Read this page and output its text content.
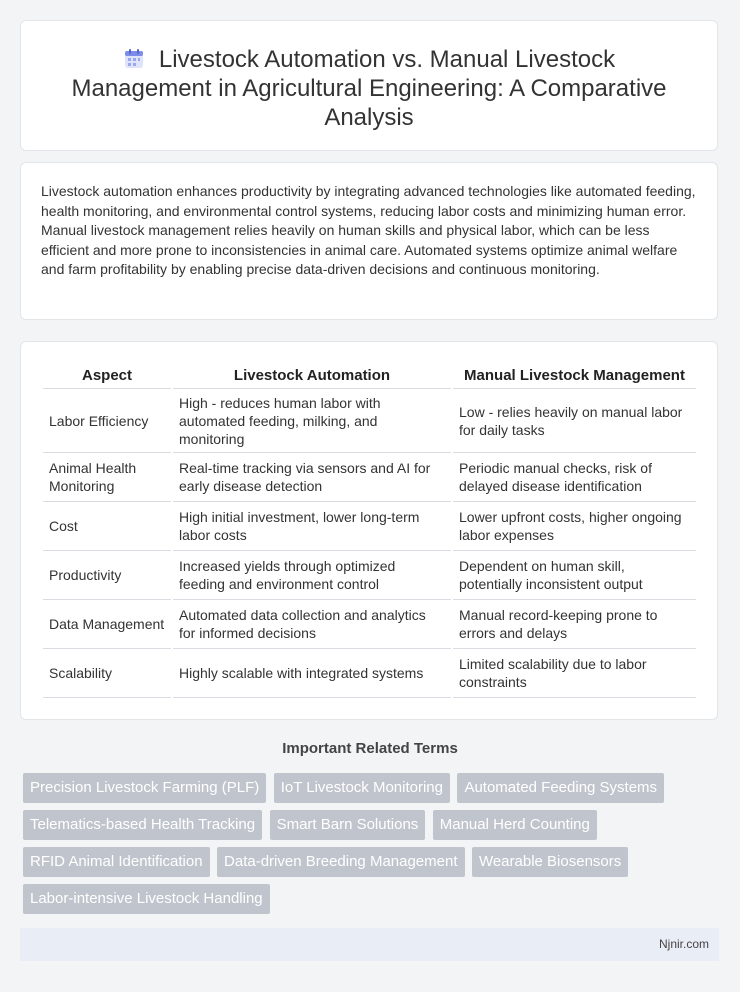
Livestock Automation vs. Manual Livestock Management in Agricultural Engineering: A Comparative Analysis

Livestock automation enhances productivity by integrating advanced technologies like automated feeding, health monitoring, and environmental control systems, reducing labor costs and minimizing human error. Manual livestock management relies heavily on human skills and physical labor, which can be less efficient and more prone to inconsistencies in animal care. Automated systems optimize animal welfare and farm profitability by enabling precise data-driven decisions and continuous monitoring.

Aspect	Livestock Automation	Manual Livestock Management
Labor Efficiency	High - reduces human labor with automated feeding, milking, and monitoring	Low - relies heavily on manual labor for daily tasks
Animal Health Monitoring	Real-time tracking via sensors and AI for early disease detection	Periodic manual checks, risk of delayed disease identification
Cost	High initial investment, lower long-term labor costs	Lower upfront costs, higher ongoing labor expenses
Productivity	Increased yields through optimized feeding and environment control	Dependent on human skill, potentially inconsistent output
Data Management	Automated data collection and analytics for informed decisions	Manual record-keeping prone to errors and delays
Scalability	Highly scalable with integrated systems	Limited scalability due to labor constraints
Important Related Terms
Precision Livestock Farming (PLF) IoT Livestock Monitoring Automated Feeding Systems Telematics-based Health Tracking Smart Barn Solutions Manual Herd Counting RFID Animal Identification Data-driven Breeding Management Wearable Biosensors Labor-intensive Livestock Handling
Njnir.com
